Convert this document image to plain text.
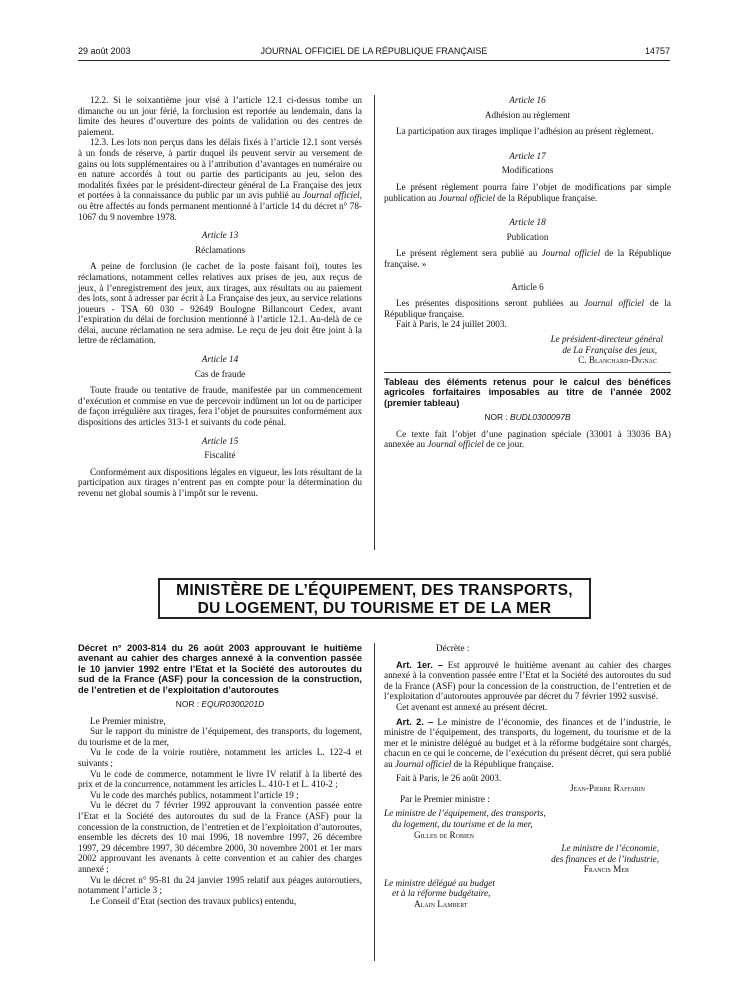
29 août 2003	JOURNAL OFFICIEL DE LA RÉPUBLIQUE FRANÇAISE	14757

12.2. Si le soixantième jour visé à l’article 12.1 ci-dessus tombe un dimanche ou un jour férié, la forclusion est reportée au lendemain, dans la limite des heures d’ouverture des points de validation ou des centres de paiement.

12.3. Les lots non perçus dans les délais fixés à l’article 12.1 sont versés à un fonds de réserve, à partir duquel ils peuvent servir au versement de gains ou lots supplémentaires ou à l’attribution d’avantages en numéraire ou en nature accordés à tout ou partie des participants au jeu, selon des modalités fixées par le président-directeur général de La Française des jeux et portées à la connaissance du public par un avis publié au Journal officiel, ou être affectés au fonds permanent mentionné à l’article 14 du décret n° 78-1067 du 9 novembre 1978.

Article 13

Réclamations

A peine de forclusion (le cachet de la poste faisant foi), toutes les réclamations, notamment celles relatives aux prises de jeu, aux reçus de jeux, à l’enregistrement des jeux, aux tirages, aux résultats ou au paiement des lots, sont à adresser par écrit à La Française des jeux, au service relations joueurs - TSA 60 030 - 92649 Boulogne Billancourt Cedex, avant l’expiration du délai de forclusion mentionné à l’article 12.1. Au-delà de ce délai, aucune réclamation ne sera admise. Le reçu de jeu doit être joint à la lettre de réclamation.

Article 14

Cas de fraude

Toute fraude ou tentative de fraude, manifestée par un commencement d’exécution et commise en vue de percevoir indûment un lot ou de participer de façon irrégulière aux tirages, fera l’objet de poursuites conformément aux dispositions des articles 313-1 et suivants du code pénal.

Article 15

Fiscalité

Conformément aux dispositions légales en vigueur, les lots résultant de la participation aux tirages n’entrent pas en compte pour la détermination du revenu net global soumis à l’impôt sur le revenu.

Article 16

Adhésion au règlement

La participation aux tirages implique l’adhésion au présent règlement.

Article 17

Modifications

Le présent règlement pourra faire l’objet de modifications par simple publication au Journal officiel de la République française.

Article 18

Publication

Le présent règlement sera publié au Journal officiel de la République française. »

Article 6

Les présentes dispositions seront publiées au Journal officiel de la République française.

Fait à Paris, le 24 juillet 2003.

Le président-directeur général

de La Française des jeux,

C. Blanchard-Dignac

Tableau des éléments retenus pour le calcul des bénéfices agricoles forfaitaires imposables au titre de l’année 2002 (premier tableau)

NOR : BUDL0300097B

Ce texte fait l’objet d’une pagination spéciale (33001 à 33036 BA) annexée au Journal officiel de ce jour.

MINISTÈRE DE L’ÉQUIPEMENT, DES TRANSPORTS,
DU LOGEMENT, DU TOURISME ET DE LA MER

Décret n° 2003-814 du 26 août 2003 approuvant le huitième avenant au cahier des charges annexé à la convention passée le 10 janvier 1992 entre l’Etat et la Société des autoroutes du sud de la France (ASF) pour la concession de la construction, de l’entretien et de l’exploitation d’autoroutes

NOR : EQUR0300201D

Le Premier ministre,

Sur le rapport du ministre de l’équipement, des transports, du logement, du tourisme et de la mer,

Vu le code de la voirie routière, notamment les articles L. 122-4 et suivants ;

Vu le code de commerce, notamment le livre IV relatif à la liberté des prix et de la concurrence, notamment les articles L. 410-1 et L. 410-2 ;

Vu le code des marchés publics, notamment l’article 19 ;

Vu le décret du 7 février 1992 approuvant la convention passée entre l’Etat et la Société des autoroutes du sud de la France (ASF) pour la concession de la construction, de l’entretien et de l’exploitation d’autoroutes, ensemble les décrets des 10 mai 1996, 18 novembre 1997, 26 décembre 1997, 29 décembre 1997, 30 décembre 2000, 30 novembre 2001 et 1er mars 2002 approuvant les avenants à cette convention et au cahier des charges annexé ;

Vu le décret n° 95-81 du 24 janvier 1995 relatif aux péages autoroutiers, notamment l’article 3 ;

Le Conseil d’Etat (section des travaux publics) entendu,

Décrète :

Art. 1er. – Est approuvé le huitième avenant au cahier des charges annexé à la convention passée entre l’Etat et la Société des autoroutes du sud de la France (ASF) pour la concession de la construction, de l’entretien et de l’exploitation d’autoroutes approuvée par décret du 7 février 1992 susvisé.

Cet avenant est annexé au présent décret.

Art. 2. – Le ministre de l’économie, des finances et de l’industrie, le ministre de l’équipement, des transports, du logement, du tourisme et de la mer et le ministre délégué au budget et à la réforme budgétaire sont chargés, chacun en ce qui le concerne, de l’exécution du présent décret, qui sera publié au Journal officiel de la République française.

Fait à Paris, le 26 août 2003.

Jean-Pierre Raffarin

Par le Premier ministre :

Le ministre de l’équipement, des transports,

du logement, du tourisme et de la mer,

Gilles de Robien

Le ministre de l’économie,

des finances et de l’industrie,

Francis Mer

Le ministre délégué au budget

et à la réforme budgétaire,

Alain Lambert
